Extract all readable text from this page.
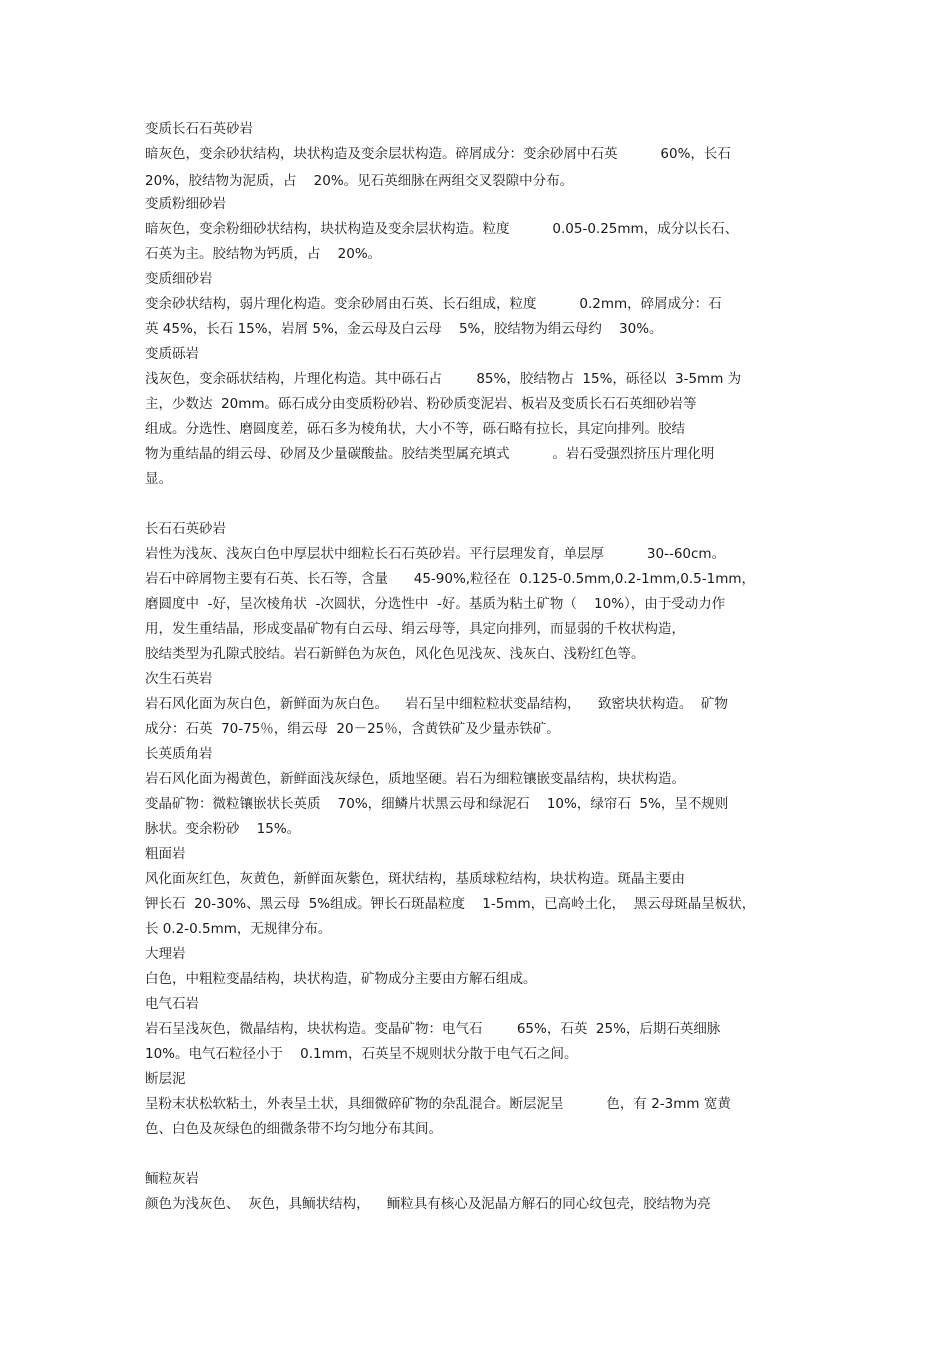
变质长石石英砂岩

暗灰色，变余砂状结构，块状构造及变余层状构造。碎屑成分：变余砂屑中石英          60%，长石

20%，胶结物为泥质，占    20%。见石英细脉在两组交叉裂隙中分布。

变质粉细砂岩

暗灰色，变余粉细砂状结构，块状构造及变余层状构造。粒度          0.05-0.25mm，成分以长石、

石英为主。胶结物为钙质，占    20%。

变质细砂岩

变余砂状结构，弱片理化构造。变余砂屑由石英、长石组成，粒度          0.2mm，碎屑成分：石

英 45%，长石 15%，岩屑 5%，金云母及白云母    5%，胶结物为绢云母约    30%。

变质砾岩

浅灰色，变余砾状结构，片理化构造。其中砾石占        85%，胶结物占  15%，砾径以  3-5mm 为

主，少数达  20mm。砾石成分由变质粉砂岩、粉砂质变泥岩、板岩及变质长石石英细砂岩等

组成。分选性、磨圆度差，砾石多为棱角状，大小不等，砾石略有拉长，具定向排列。胶结

物为重结晶的绢云母、砂屑及少量碳酸盐。胶结类型属充填式          。岩石受强烈挤压片理化明

显。

长石石英砂岩

岩性为浅灰、浅灰白色中厚层状中细粒长石石英砂岩。平行层理发育，单层厚          30--60cm。

岩石中碎屑物主要有石英、长石等，含量      45-90%,粒径在  0.125-0.5mm,0.2-1mm,0.5-1mm，

磨圆度中  -好，呈次棱角状  -次圆状，分选性中  -好。基质为粘土矿物（    10%），由于受动力作

用，发生重结晶，形成变晶矿物有白云母、绢云母等，具定向排列，而显弱的千枚状构造，

胶结类型为孔隙式胶结。岩石新鲜色为灰色，风化色见浅灰、浅灰白、浅粉红色等。

次生石英岩

岩石风化面为灰白色，新鲜面为灰白色。    岩石呈中细粒粒状变晶结构，    致密块状构造。  矿物

成分：石英  70-75％，绢云母  20－25％，含黄铁矿及少量赤铁矿。

长英质角岩

岩石风化面为褐黄色，新鲜面浅灰绿色，质地坚硬。岩石为细粒镶嵌变晶结构，块状构造。

变晶矿物：微粒镶嵌状长英质    70%，细鳞片状黑云母和绿泥石    10%，绿帘石  5%，呈不规则

脉状。变余粉砂    15%。

粗面岩

风化面灰红色，灰黄色，新鲜面灰紫色，斑状结构，基质球粒结构，块状构造。斑晶主要由

钾长石  20-30%、黑云母  5%组成。钾长石斑晶粒度    1-5mm，已高岭土化，  黑云母斑晶呈板状，

长 0.2-0.5mm，无规律分布。

大理岩

白色，中粗粒变晶结构，块状构造，矿物成分主要由方解石组成。

电气石岩

岩石呈浅灰色，微晶结构，块状构造。变晶矿物：电气石        65%，石英  25%，后期石英细脉

10%。电气石粒径小于    0.1mm，石英呈不规则状分散于电气石之间。

断层泥

呈粉末状松软粘土，外表呈土状，具细微碎矿物的杂乱混合。断层泥呈          色，有 2-3mm 宽黄

色、白色及灰绿色的细微条带不均匀地分布其间。

鲕粒灰岩

颜色为浅灰色、  灰色，具鲕状结构，    鲕粒具有核心及泥晶方解石的同心纹包壳，胶结物为亮
